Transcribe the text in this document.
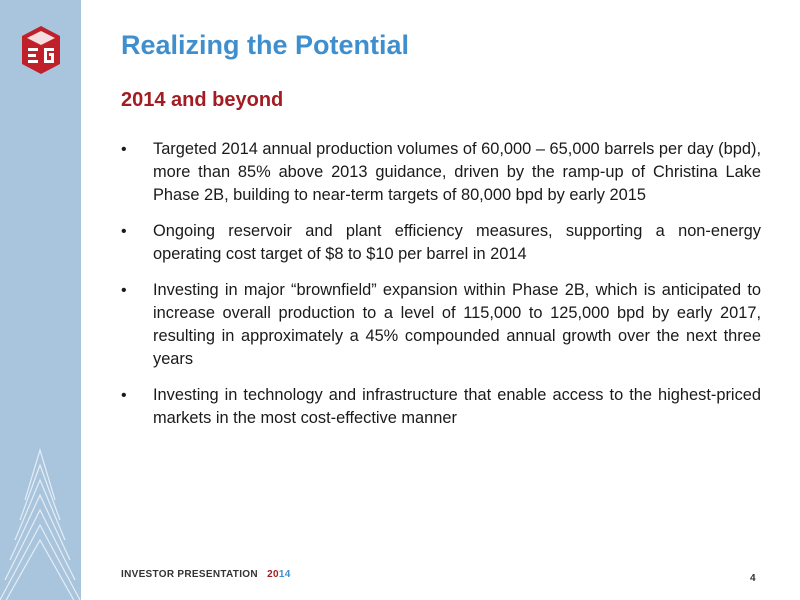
Realizing the Potential
2014 and beyond
• Targeted 2014 annual production volumes of 60,000 – 65,000 barrels per day (bpd), more than 85% above 2013 guidance, driven by the ramp-up of Christina Lake Phase 2B, building to near-term targets of 80,000 bpd by early 2015
• Ongoing reservoir and plant efficiency measures, supporting a non-energy operating cost target of $8 to $10 per barrel in 2014
• Investing in major “brownfield” expansion within Phase 2B, which is anticipated to increase overall production to a level of 115,000 to 125,000 bpd by early 2017, resulting in approximately a 45% compounded annual growth over the next three years
• Investing in technology and infrastructure that enable access to the highest-priced markets in the most cost-effective manner
INVESTOR PRESENTATION 2014	4
